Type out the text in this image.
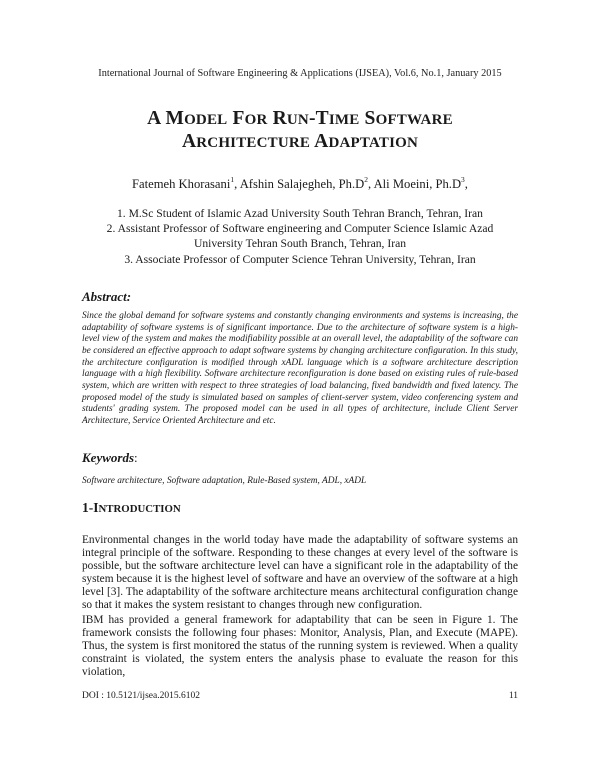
International Journal of Software Engineering & Applications (IJSEA), Vol.6, No.1, January 2015
A MODEL FOR RUN-TIME SOFTWARE
ARCHITECTURE ADAPTATION
Fatemeh Khorasani$^1$, Afshin Salajegheh, $Ph.D^2$, Ali Moeini, $Ph.D^3$,
1. M.Sc Student of Islamic Azad University South Tehran Branch, Tehran, Iran
2. Assistant Professor of Software engineering and Computer Science Islamic Azad
University Tehran South Branch, Tehran, Iran
3. Associate Professor of Computer Science Tehran University, Tehran, Iran
Abstract:
Since the global demand for software systems and constantly changing environments and systems is increasing, the adaptability of software systems is of significant importance. Due to the architecture of software system is a high-level view of the system and makes the modifiability possible at an overall level, the adaptability of the software can be considered an effective approach to adapt software systems by changing architecture configuration. In this study, the architecture configuration is modified through xADL language which is a software architecture description language with a high flexibility. Software architecture reconfiguration is done based on existing rules of rule-based system, which are written with respect to three strategies of load balancing, fixed bandwidth and fixed latency. The proposed model of the study is simulated based on samples of client-server system, video conferencing system and students' grading system. The proposed model can be used in all types of architecture, include Client Server Architecture, Service Oriented Architecture and etc.
Keywords:
Software architecture, Software adaptation, Rule-Based system, ADL, xADL
1-INTRODUCTION
Environmental changes in the world today have made the adaptability of software systems an integral principle of the software. Responding to these changes at every level of the software is possible, but the software architecture level can have a significant role in the adaptability of the system because it is the highest level of software and have an overview of the software at a high level [3]. The adaptability of the software architecture means architectural configuration change so that it makes the system resistant to changes through new configuration.
IBM has provided a general framework for adaptability that can be seen in Figure 1. The framework consists the following four phases: Monitor, Analysis, Plan, and Execute (MAPE). Thus, the system is first monitored the status of the running system is reviewed. When a quality constraint is violated, the system enters the analysis phase to evaluate the reason for this violation,
DOI : 10.5121/ijsea.2015.6102	11
